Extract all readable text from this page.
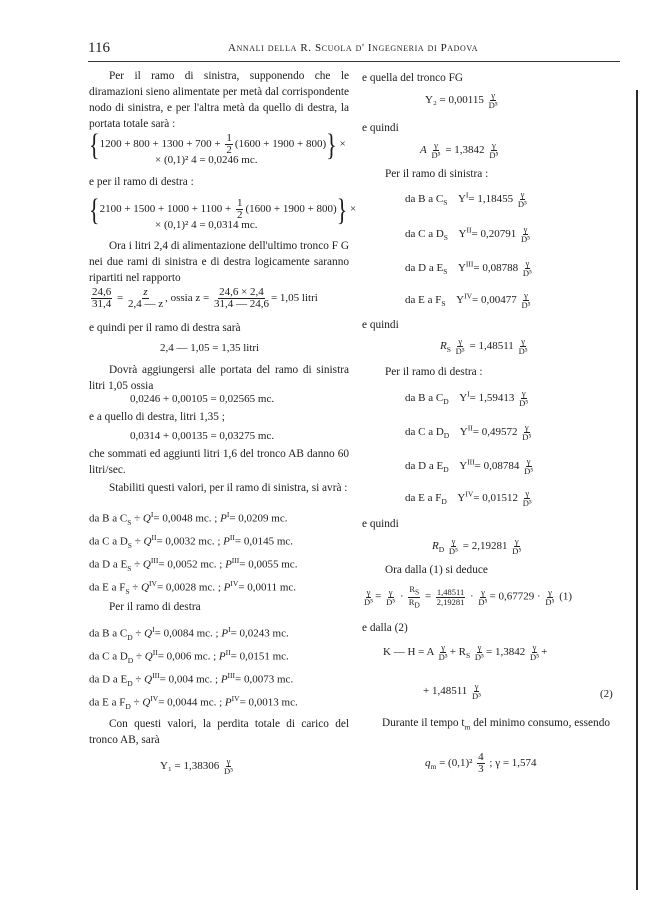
116	Annali della R. Scuola d' Ingegneria di Padova

Per il ramo di sinistra, supponendo che le diramazioni sieno alimentate per metà dal corrispondente nodo di sinistra, e per l'altra metà da quello di destra, la portata totale sarà :

$\{1200 + 800 + 1300 + 700 + \frac{1}{2} (1600 + 1900 + 800)\}$ ×
× (0,1)² 4 = 0,0246 mc.
e per il ramo di destra :
$\{2100 + 1500 + 1000 + 1100 + \frac{1}{2} (1600 + 1900 + 800)\}$ ×
× (0,1)² 4 = 0,0314 mc.

Ora i litri 2,4 di alimentazione dell'ultimo tronco F G nei due rami di sinistra e di destra logicamente saranno ripartiti nel rapporto

$\frac{24,6}{31,4} = \frac{z}{2,4 — z}$ , ossia $z = \frac{24,6 \times 2,4}{31,4 — 24,6} = 1,05$ litri
e quindi per il ramo di destra sarà
2,4 — 1,05 = 1,35 litri

Dovrà aggiungersi alle portata del ramo di sinistra litri 1,05 ossia

0,0246 + 0,00105 = 0,02565 mc.
e a quello di destra, litri 1,35 ;
0,0314 + 0,00135 = 0,03275 mc.

che sommati ed aggiunti litri 1,6 del tronco AB danno 60 litri/sec.

Stabiliti questi valori, per il ramo di sinistra, si avrà :

da B a $C_S \div Q^I= 0,0048$ mc. ; $P^I= 0,0209$ mc.
da C a $D_S \div Q^{II}= 0,0032$ mc. ; $P^{II}= 0,0145$ mc.
da D a $E_S \div Q^{III}= 0,0052$ mc. ; $P^{III}= 0,0055$ mc.
da E a $F_S \div Q^{IV}= 0,0028$ mc. ; $P^{IV}= 0,0011$ mc.
Per il ramo di destra
da B a $C_D \div Q^I= 0,0084$ mc. ; $P^I= 0,0243$ mc.
da C a $D_D \div Q^{II}= 0,006$ mc. ; $P^{II}= 0,0151$ mc.
da D a $E_D \div Q^{III}= 0,004$ mc. ; $P^{III}= 0,0073$ mc.
da E a $F_D \div Q^{IV}= 0,0044$ mc. ; $P^{IV}= 0,0013$ mc.

Con questi valori, la perdita totale di carico del tronco AB, sarà

$Y_1 = 1,38306 \frac{\gamma}{\text{D⁵}}$
e quella del tronco FG
$Y_2 = 0,00115 \frac{\gamma}{\text{D⁵}}$
e quindi
A $\frac{\gamma}{\text{D⁵}} = 1,3842 \frac{\gamma}{\text{D⁵}}$
Per il ramo di sinistra :
da B a $C_S$    $Y^I= 1,18455 \frac{\gamma}{\text{D⁵}}$
da C a $D_S$    $Y^{II}= 0,20791 \frac{\gamma}{\text{D⁵}}$
da D a $E_S$    $Y^{III}= 0,08788 \frac{\gamma}{\text{D⁵}}$
da E a $F_S$    $Y^{IV}= 0,00477 \frac{\gamma}{\text{D⁵}}$
e quindi
$R_S \frac{\gamma}{\text{D⁵}} = 1,48511 \frac{\gamma}{\text{D⁵}}$
Per il ramo di destra :
da B a $C_D$    $Y^I= 1,59413 \frac{\gamma}{\text{D⁵}}$
da C a $D_D$    $Y^{II}= 0,49572 \frac{\gamma}{\text{D⁵}}$
da D a $E_D$    $Y^{III}= 0,08784 \frac{\gamma}{\text{D⁵}}$
da E a $F_D$    $Y^{IV}= 0,01512 \frac{\gamma}{\text{D⁵}}$
e quindi
$R_D \frac{\gamma}{\text{D⁵}} = 2,19281 \frac{\gamma}{\text{D⁵}}$
Ora dalla (1) si deduce
$\frac{\gamma}{\text{D⁵}} = \frac{\gamma}{\text{D⁵}} \cdot \frac{R_S}{R_D} = \frac{1,48511}{2,19281} \cdot \frac{\gamma}{\text{D⁵}} = 0,67729 \cdot \frac{\gamma}{\text{D⁵}} (1)$
e dalla (2)
K — H = A $\frac{\gamma}{\text{D⁵}} + R_S \frac{\gamma}{\text{D⁵}} = 1,3842 \frac{\gamma}{\text{D⁵}}$ +
+ $1,48511 \frac{\gamma}{\text{D⁵}}$	(2)

Durante il tempo $t_m$ del minimo consumo, essendo

$q_m = (0,1)^2 \frac{4}{3}$ ; γ = 1,574
